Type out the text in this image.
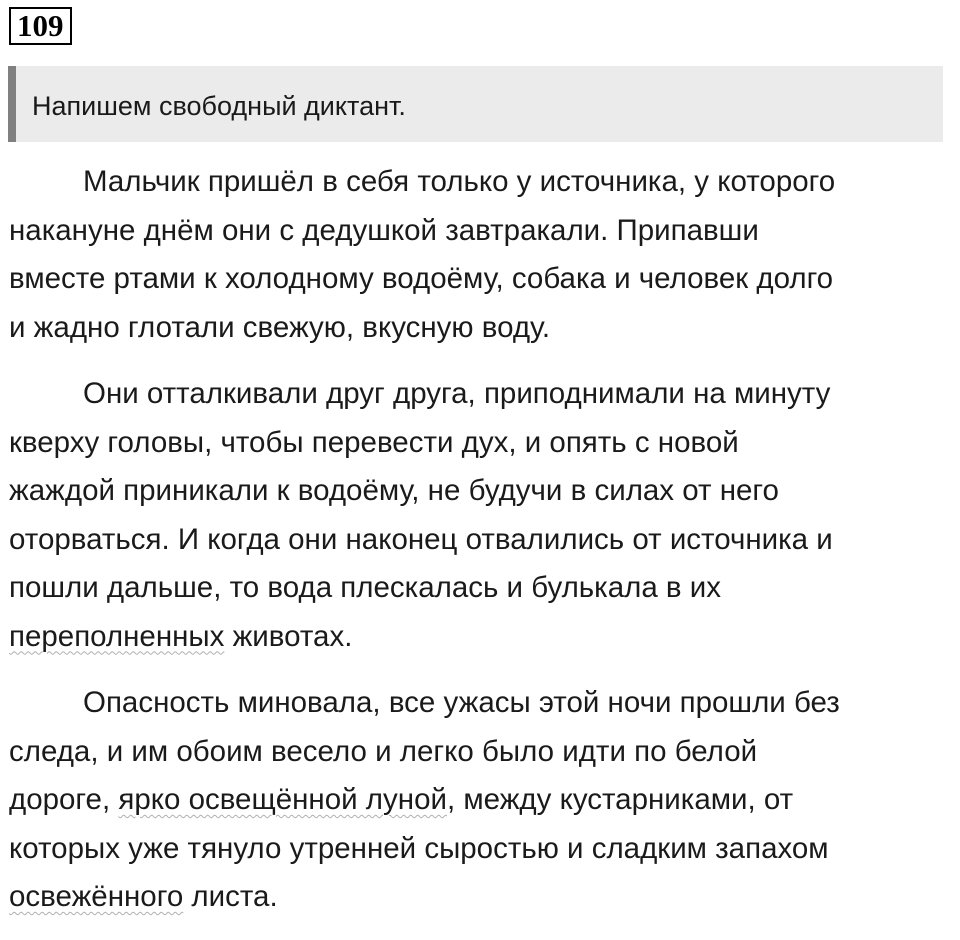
109
Напишем свободный диктант.

Мальчик пришёл в себя только у источника, у которого
накануне днём они с дедушкой завтракали. Припавши
вместе ртами к холодному водоёму, собака и человек долго
и жадно глотали свежую, вкусную воду.

Они отталкивали друг друга, приподнимали на минуту
кверху головы, чтобы перевести дух, и опять с новой
жаждой приникали к водоёму, не будучи в силах от него
оторваться. И когда они наконец отвалились от источника и
пошли дальше, то вода плескалась и булькала в их
переполненных животах.

Опасность миновала, все ужасы этой ночи прошли без
следа, и им обоим весело и легко было идти по белой
дороге, ярко освещённой луной, между кустарниками, от
которых уже тянуло утренней сыростью и сладким запахом
освежённого листа.
